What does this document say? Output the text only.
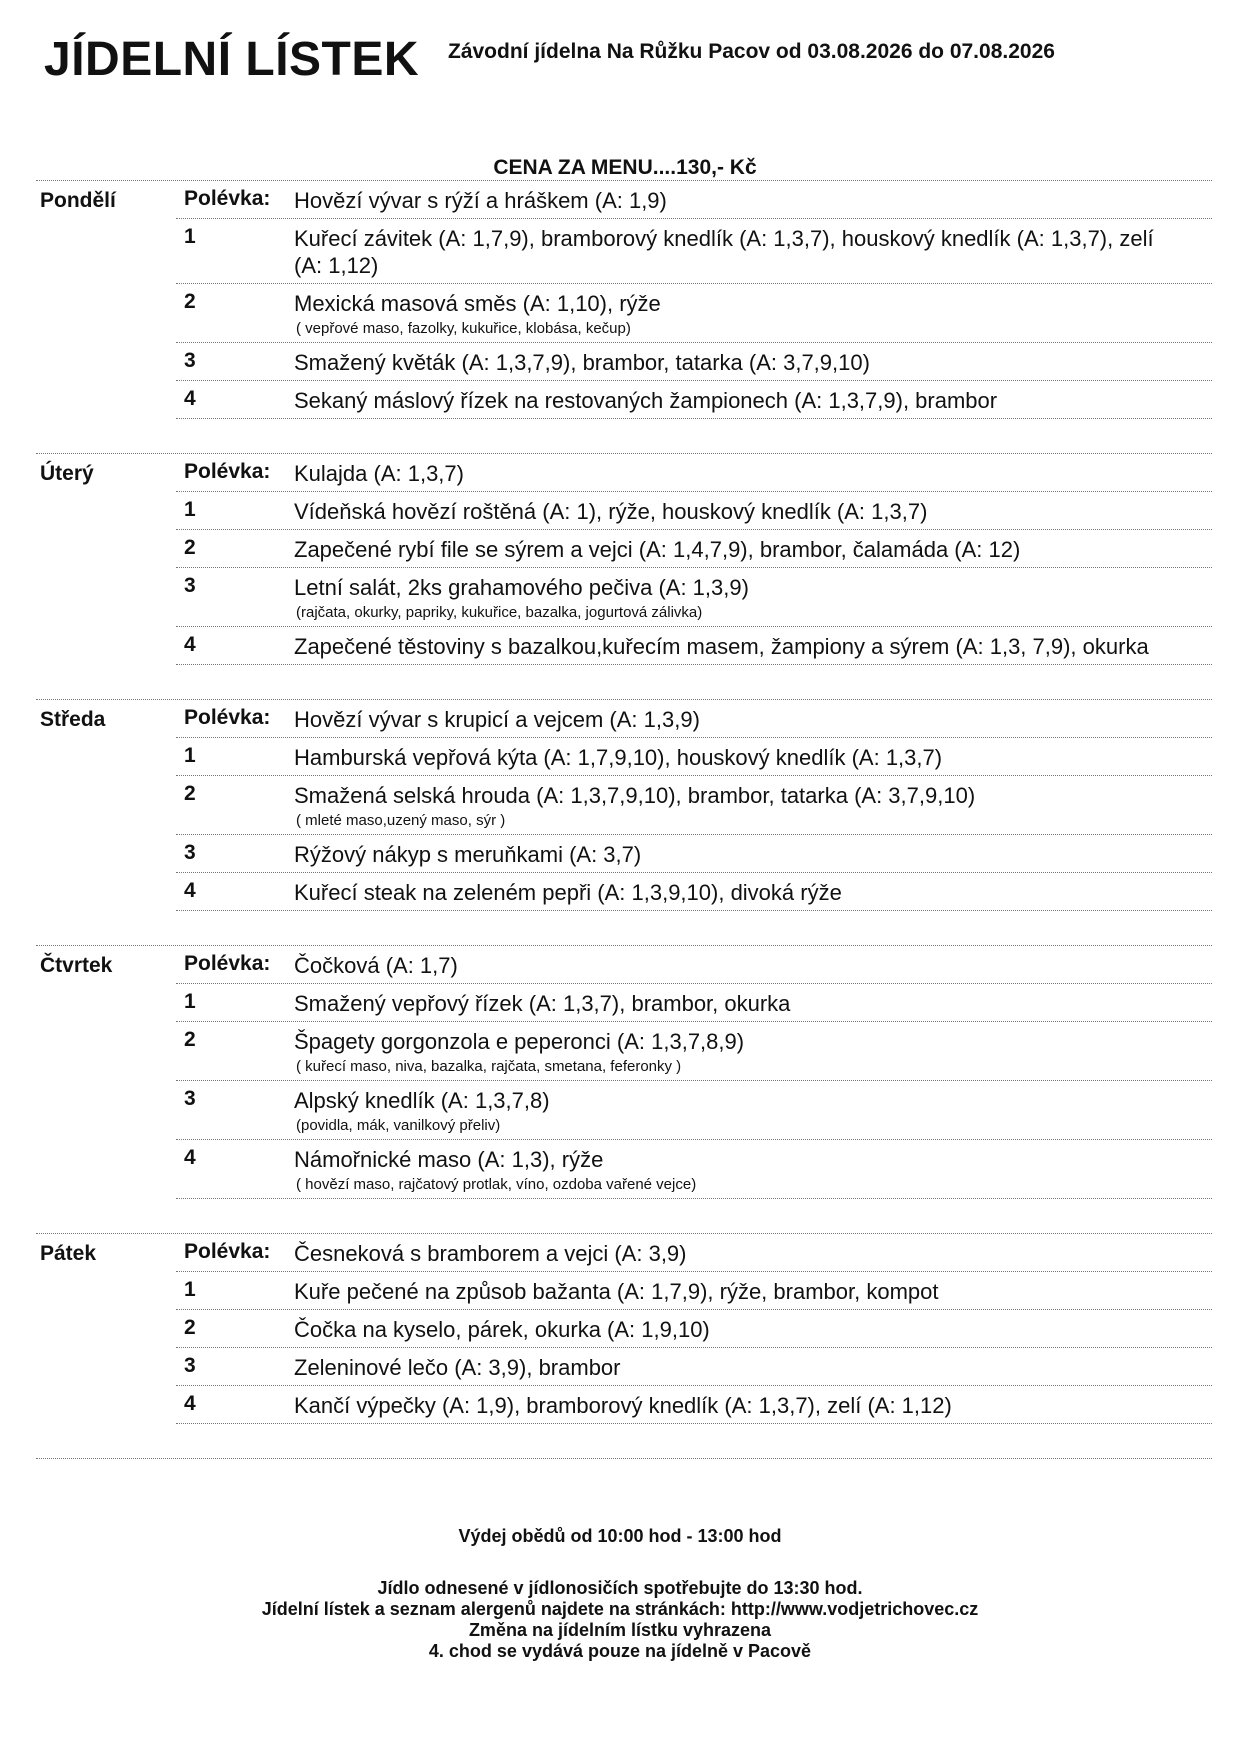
JÍDELNÍ LÍSTEK Závodní jídelna Na Růžku Pacov od 03.08.2026 do 07.08.2026
CENA ZA MENU....130,- Kč
Pondělí	Polévka:	Hovězí vývar s rýží a hráškem (A: 1,9)
1	Kuřecí závitek (A: 1,7,9), bramborový knedlík (A: 1,3,7), houskový knedlík (A: 1,3,7), zelí (A: 1,12)
2	Mexická masová směs (A: 1,10), rýže
( vepřové maso, fazolky, kukuřice, klobása, kečup)
3	Smažený květák (A: 1,3,7,9), brambor, tatarka (A: 3,7,9,10)
4	Sekaný máslový řízek na restovaných žampionech (A: 1,3,7,9), brambor
Úterý	Polévka:	Kulajda (A: 1,3,7)
1	Vídeňská hovězí roštěná (A: 1), rýže, houskový knedlík (A: 1,3,7)
2	Zapečené rybí file se sýrem a vejci (A: 1,4,7,9), brambor, čalamáda (A: 12)
3	Letní salát, 2ks grahamového pečiva (A: 1,3,9)
(rajčata, okurky, papriky, kukuřice, bazalka, jogurtová zálivka)
4	Zapečené těstoviny s bazalkou,kuřecím masem, žampiony a sýrem (A: 1,3, 7,9), okurka
Středa	Polévka:	Hovězí vývar s krupicí a vejcem (A: 1,3,9)
1	Hamburská vepřová kýta (A: 1,7,9,10), houskový knedlík (A: 1,3,7)
2	Smažená selská hrouda (A: 1,3,7,9,10), brambor, tatarka (A: 3,7,9,10)
( mleté maso,uzený maso, sýr )
3	Rýžový nákyp s meruňkami (A: 3,7)
4	Kuřecí steak na zeleném pepři (A: 1,3,9,10), divoká rýže
Čtvrtek	Polévka:	Čočková (A: 1,7)
1	Smažený vepřový řízek (A: 1,3,7), brambor, okurka
2	Špagety gorgonzola e peperonci (A: 1,3,7,8,9)
( kuřecí maso, niva, bazalka, rajčata, smetana, feferonky )
3	Alpský knedlík (A: 1,3,7,8)
(povidla, mák, vanilkový přeliv)
4	Námořnické maso (A: 1,3), rýže
( hovězí maso, rajčatový protlak, víno, ozdoba vařené vejce)
Pátek	Polévka:	Česneková s bramborem a vejci (A: 3,9)
1	Kuře pečené na způsob bažanta (A: 1,7,9), rýže, brambor, kompot
2	Čočka na kyselo, párek, okurka (A: 1,9,10)
3	Zeleninové lečo (A: 3,9), brambor
4	Kančí výpečky (A: 1,9), bramborový knedlík (A: 1,3,7), zelí (A: 1,12)
Výdej obědů od 10:00 hod - 13:00 hod
Jídlo odnesené v jídlonosičích spotřebujte do 13:30 hod.
Jídelní lístek a seznam alergenů najdete na stránkách: http://www.vodjetrichovec.cz
Změna na jídelním lístku vyhrazena
4. chod se vydává pouze na jídelně v Pacově
